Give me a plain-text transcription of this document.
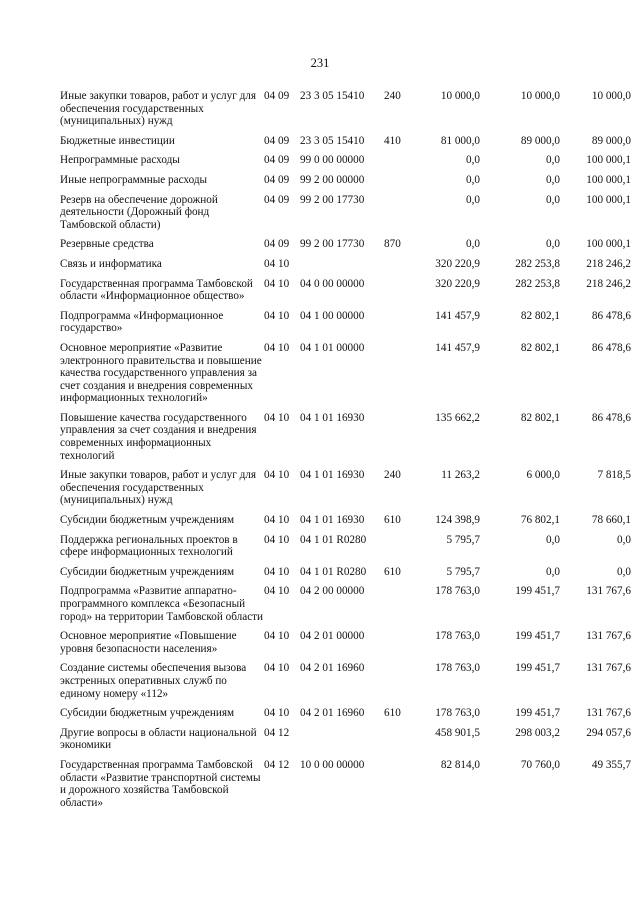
231
Иные закупки товаров, работ и услуг для обеспечения государственных (муниципальных) нужд	04 09	23 3 05 15410	240	10 000,0	10 000,0	10 000,0
Бюджетные инвестиции	04 09	23 3 05 15410	410	81 000,0	89 000,0	89 000,0
Непрограммные расходы	04 09	99 0 00 00000		0,0	0,0	100 000,1
Иные непрограммные расходы	04 09	99 2 00 00000		0,0	0,0	100 000,1
Резерв на обеспечение дорожной деятельности (Дорожный фонд Тамбовской области)	04 09	99 2 00 17730		0,0	0,0	100 000,1
Резервные средства	04 09	99 2 00 17730	870	0,0	0,0	100 000,1
Связь и информатика	04 10			320 220,9	282 253,8	218 246,2
Государственная программа Тамбовской области «Информационное общество»	04 10	04 0 00 00000		320 220,9	282 253,8	218 246,2
Подпрограмма «Информационное государство»	04 10	04 1 00 00000		141 457,9	82 802,1	86 478,6
Основное мероприятие «Развитие электронного правительства и повышение качества государственного управления за счет создания и внедрения современных информационных технологий»	04 10	04 1 01 00000		141 457,9	82 802,1	86 478,6
Повышение качества государственного управления за счет создания и внедрения современных информационных технологий	04 10	04 1 01 16930		135 662,2	82 802,1	86 478,6
Иные закупки товаров, работ и услуг для обеспечения государственных (муниципальных) нужд	04 10	04 1 01 16930	240	11 263,2	6 000,0	7 818,5
Субсидии бюджетным учреждениям	04 10	04 1 01 16930	610	124 398,9	76 802,1	78 660,1
Поддержка региональных проектов в сфере информационных технологий	04 10	04 1 01 R0280		5 795,7	0,0	0,0
Субсидии бюджетным учреждениям	04 10	04 1 01 R0280	610	5 795,7	0,0	0,0
Подпрограмма «Развитие аппаратно-программного комплекса «Безопасный город» на территории Тамбовской области	04 10	04 2 00 00000		178 763,0	199 451,7	131 767,6
Основное мероприятие «Повышение уровня безопасности населения»	04 10	04 2 01 00000		178 763,0	199 451,7	131 767,6
Создание системы обеспечения вызова экстренных оперативных служб по единому номеру «112»	04 10	04 2 01 16960		178 763,0	199 451,7	131 767,6
Субсидии бюджетным учреждениям	04 10	04 2 01 16960	610	178 763,0	199 451,7	131 767,6
Другие вопросы в области национальной экономики	04 12			458 901,5	298 003,2	294 057,6
Государственная программа Тамбовской области «Развитие транспортной системы и дорожного хозяйства Тамбовской области»	04 12	10 0 00 00000		82 814,0	70 760,0	49 355,7
